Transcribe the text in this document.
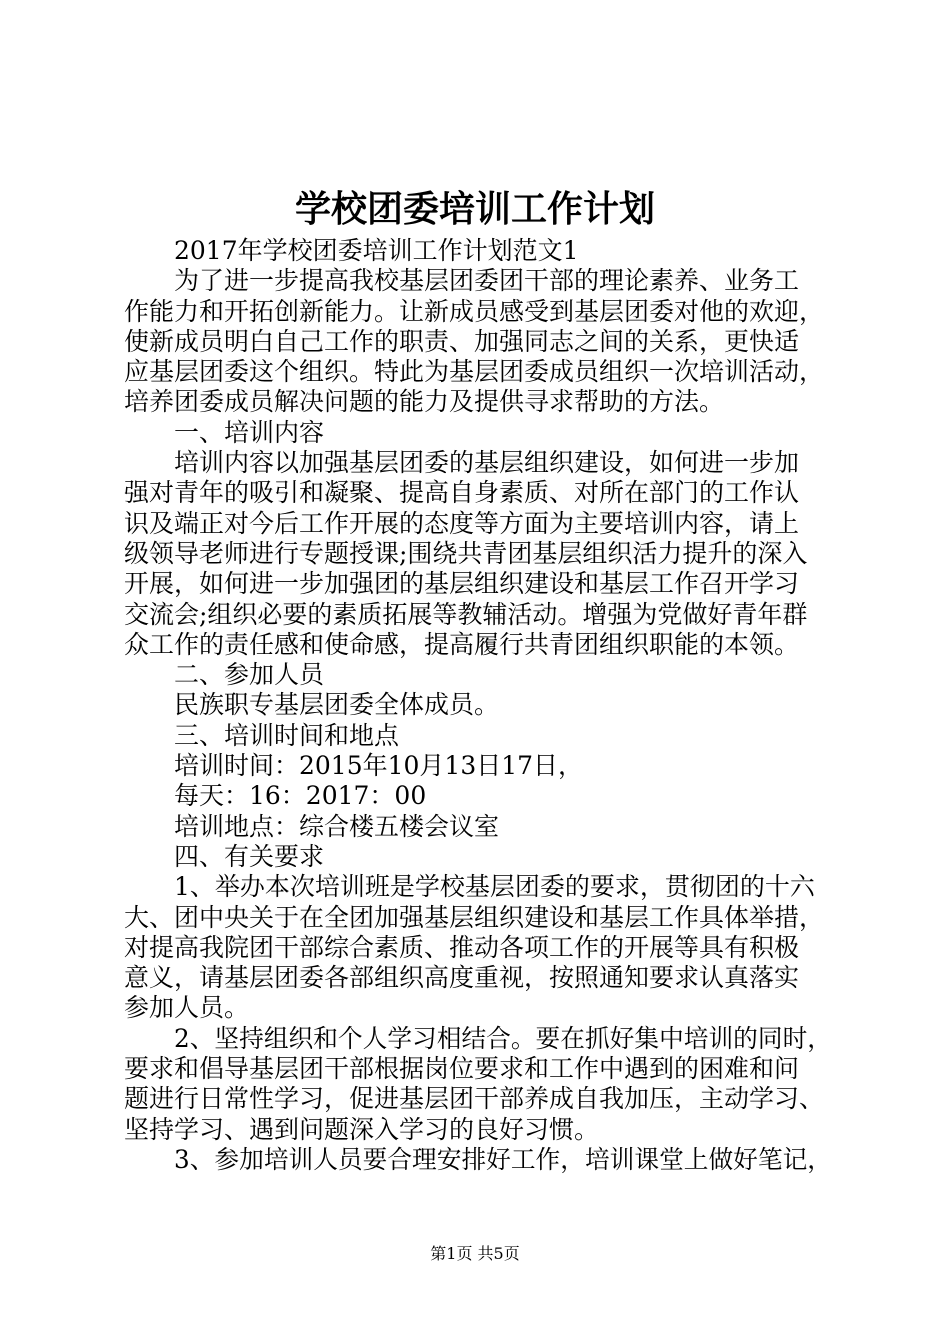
学校团委培训工作计划
2017年学校团委培训工作计划范文1
为了进一步提高我校基层团委团干部的理论素养、业务工
作能力和开拓创新能力。让新成员感受到基层团委对他的欢迎，
使新成员明白自己工作的职责、加强同志之间的关系，更快适
应基层团委这个组织。特此为基层团委成员组织一次培训活动，
培养团委成员解决问题的能力及提供寻求帮助的方法。
一、培训内容
培训内容以加强基层团委的基层组织建设，如何进一步加
强对青年的吸引和凝聚、提高自身素质、对所在部门的工作认
识及端正对今后工作开展的态度等方面为主要培训内容，请上
级领导老师进行专题授课;围绕共青团基层组织活力提升的深入
开展，如何进一步加强团的基层组织建设和基层工作召开学习
交流会;组织必要的素质拓展等教辅活动。增强为党做好青年群
众工作的责任感和使命感，提高履行共青团组织职能的本领。
二、参加人员
民族职专基层团委全体成员。
三、培训时间和地点
培训时间：2015年10月13日17日，
每天：16：2017：00
培训地点：综合楼五楼会议室
四、有关要求
1、举办本次培训班是学校基层团委的要求，贯彻团的十六
大、团中央关于在全团加强基层组织建设和基层工作具体举措，
对提高我院团干部综合素质、推动各项工作的开展等具有积极
意义，请基层团委各部组织高度重视，按照通知要求认真落实
参加人员。
2、坚持组织和个人学习相结合。要在抓好集中培训的同时，
要求和倡导基层团干部根据岗位要求和工作中遇到的困难和问
题进行日常性学习，促进基层团干部养成自我加压，主动学习、
坚持学习、遇到问题深入学习的良好习惯。
3、参加培训人员要合理安排好工作，培训课堂上做好笔记，
第1页 共5页
